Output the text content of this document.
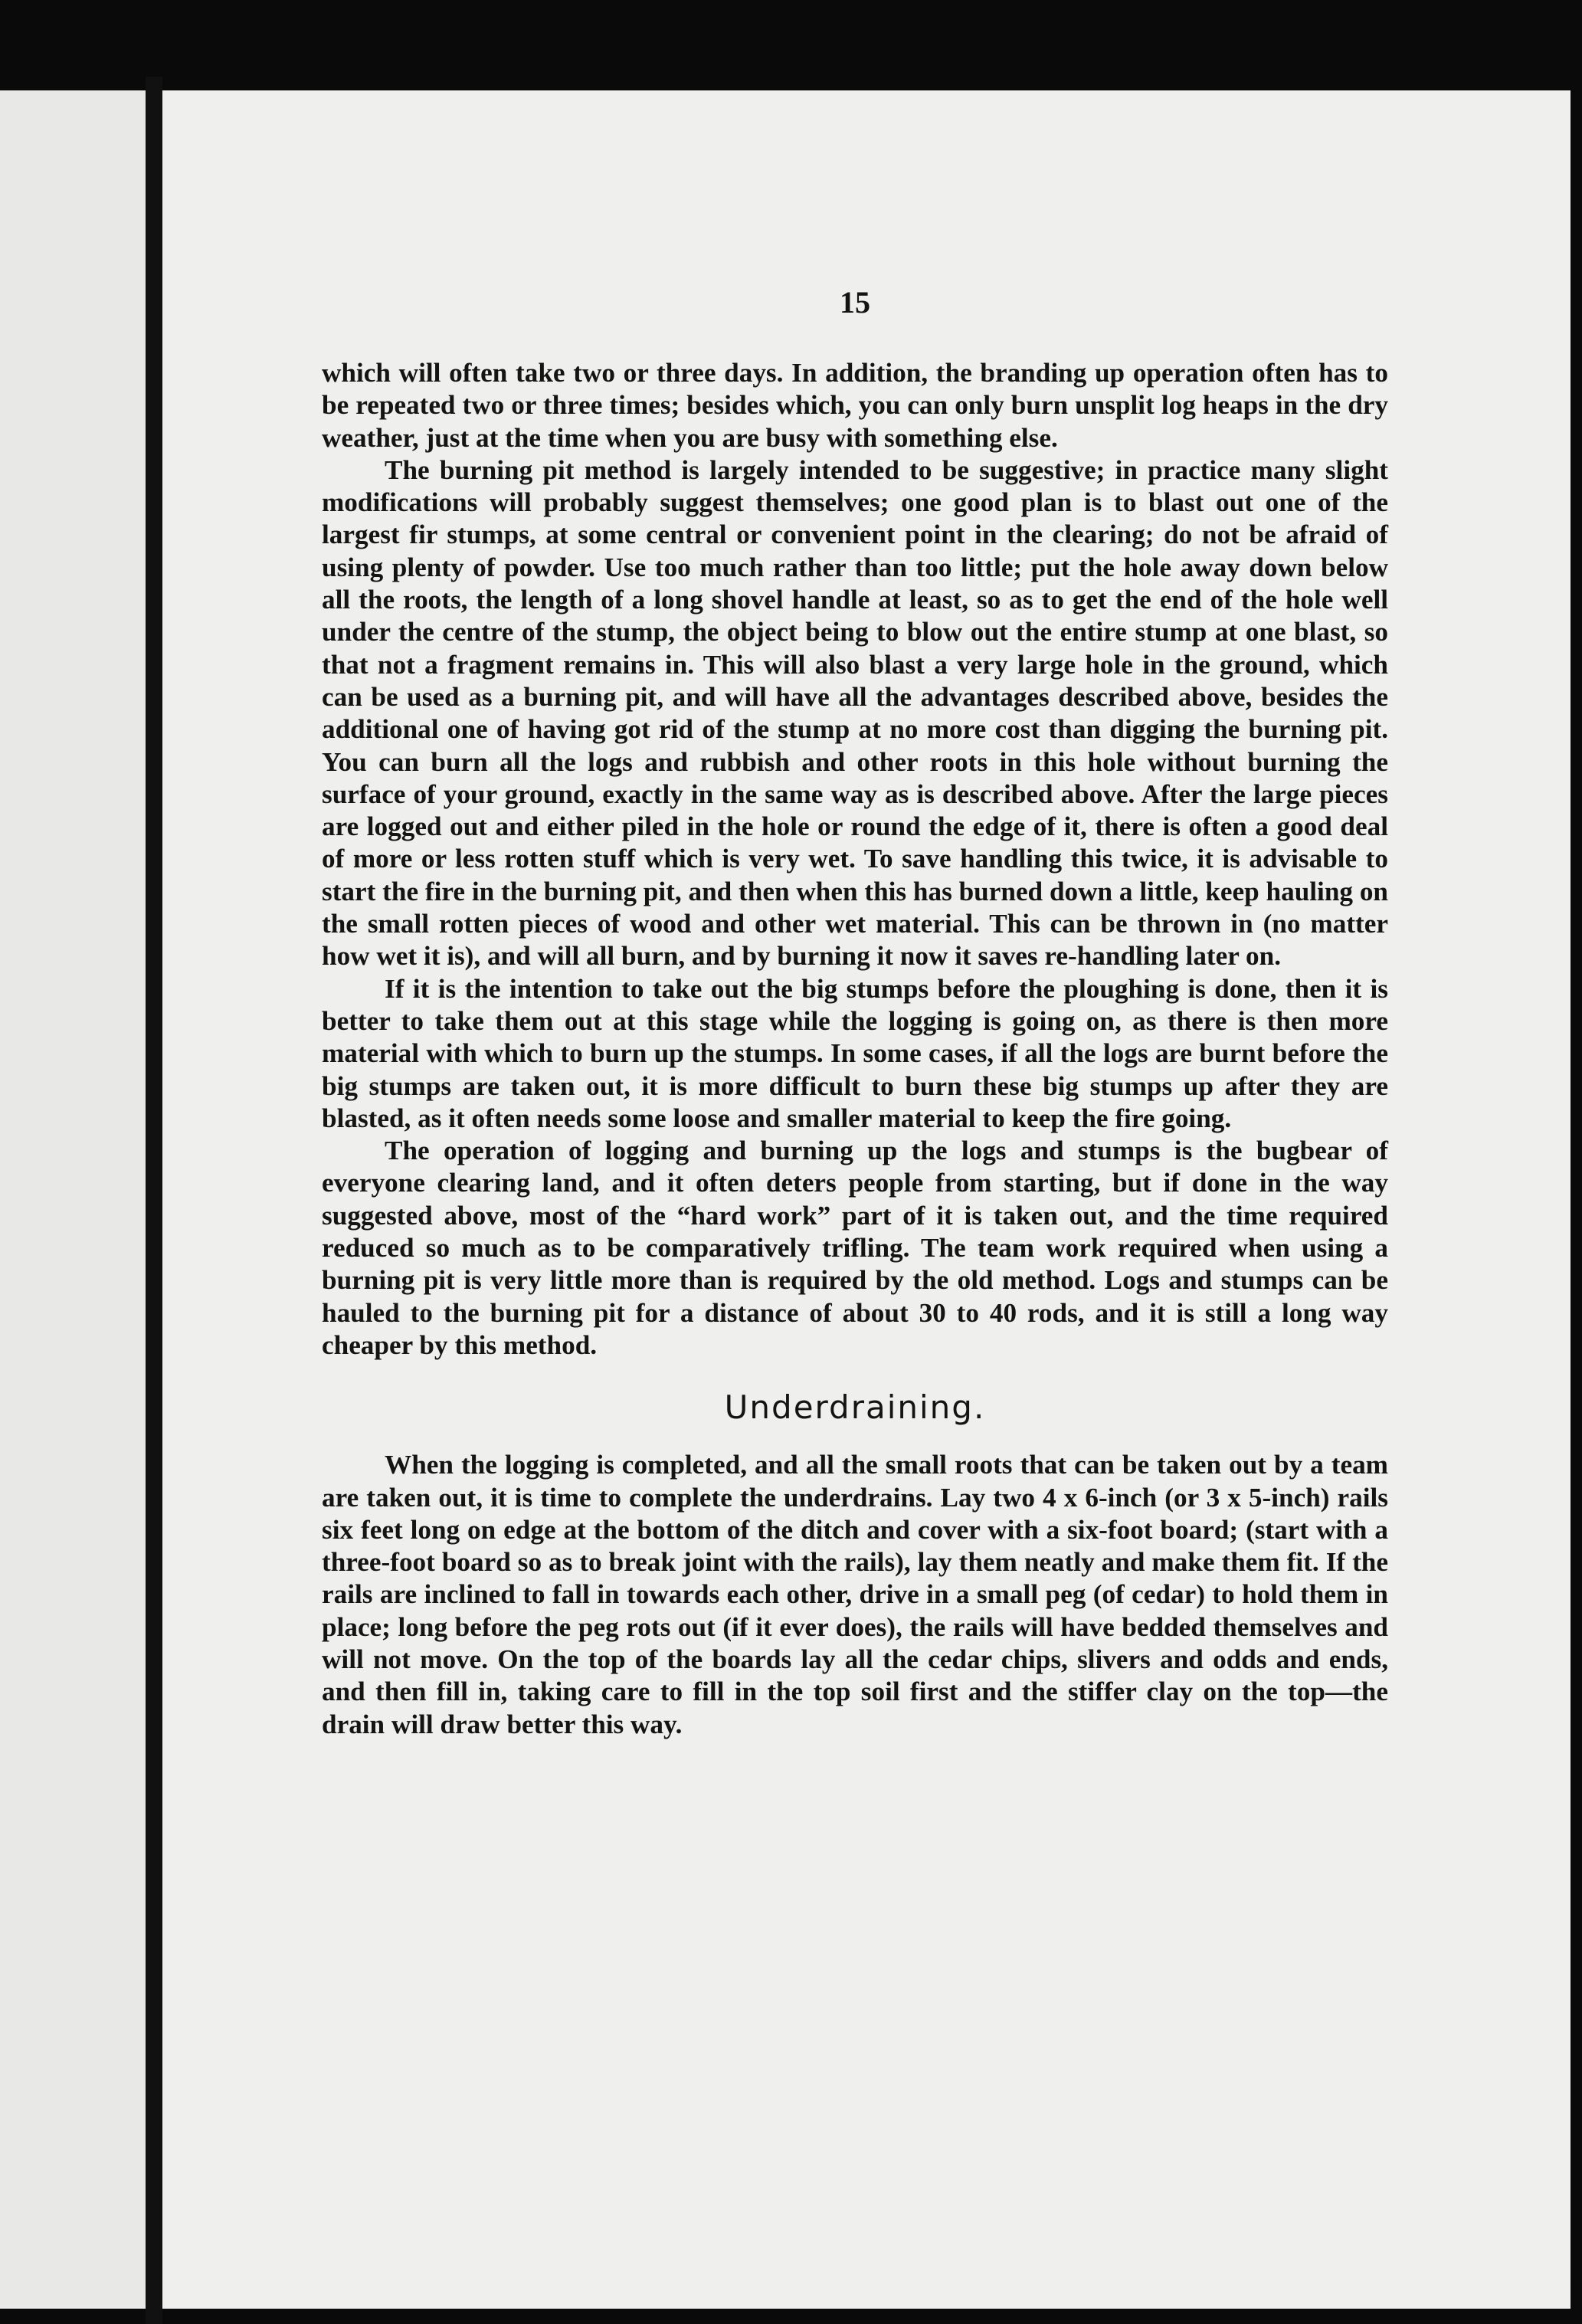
15

which will often take two or three days. In addition, the branding up operation often has to be repeated two or three times; besides which, you can only burn unsplit log heaps in the dry weather, just at the time when you are busy with something else.

The burning pit method is largely intended to be suggestive; in practice many slight modifications will probably suggest themselves; one good plan is to blast out one of the largest fir stumps, at some central or convenient point in the clearing; do not be afraid of using plenty of powder. Use too much rather than too little; put the hole away down below all the roots, the length of a long shovel handle at least, so as to get the end of the hole well under the centre of the stump, the object being to blow out the entire stump at one blast, so that not a fragment remains in. This will also blast a very large hole in the ground, which can be used as a burning pit, and will have all the advantages described above, besides the additional one of having got rid of the stump at no more cost than digging the burning pit. You can burn all the logs and rubbish and other roots in this hole without burning the surface of your ground, exactly in the same way as is described above. After the large pieces are logged out and either piled in the hole or round the edge of it, there is often a good deal of more or less rotten stuff which is very wet. To save handling this twice, it is advisable to start the fire in the burning pit, and then when this has burned down a little, keep hauling on the small rotten pieces of wood and other wet material. This can be thrown in (no matter how wet it is), and will all burn, and by burning it now it saves re-handling later on.

If it is the intention to take out the big stumps before the ploughing is done, then it is better to take them out at this stage while the logging is going on, as there is then more material with which to burn up the stumps. In some cases, if all the logs are burnt before the big stumps are taken out, it is more difficult to burn these big stumps up after they are blasted, as it often needs some loose and smaller material to keep the fire going.

The operation of logging and burning up the logs and stumps is the bugbear of everyone clearing land, and it often deters people from starting, but if done in the way suggested above, most of the “hard work” part of it is taken out, and the time required reduced so much as to be comparatively trifling. The team work required when using a burning pit is very little more than is required by the old method. Logs and stumps can be hauled to the burning pit for a distance of about 30 to 40 rods, and it is still a long way cheaper by this method.

Underdraining.

When the logging is completed, and all the small roots that can be taken out by a team are taken out, it is time to complete the underdrains. Lay two 4 x 6-inch (or 3 x 5-inch) rails six feet long on edge at the bottom of the ditch and cover with a six-foot board; (start with a three-foot board so as to break joint with the rails), lay them neatly and make them fit. If the rails are inclined to fall in towards each other, drive in a small peg (of cedar) to hold them in place; long before the peg rots out (if it ever does), the rails will have bedded themselves and will not move. On the top of the boards lay all the cedar chips, slivers and odds and ends, and then fill in, taking care to fill in the top soil first and the stiffer clay on the top—the drain will draw better this way.
